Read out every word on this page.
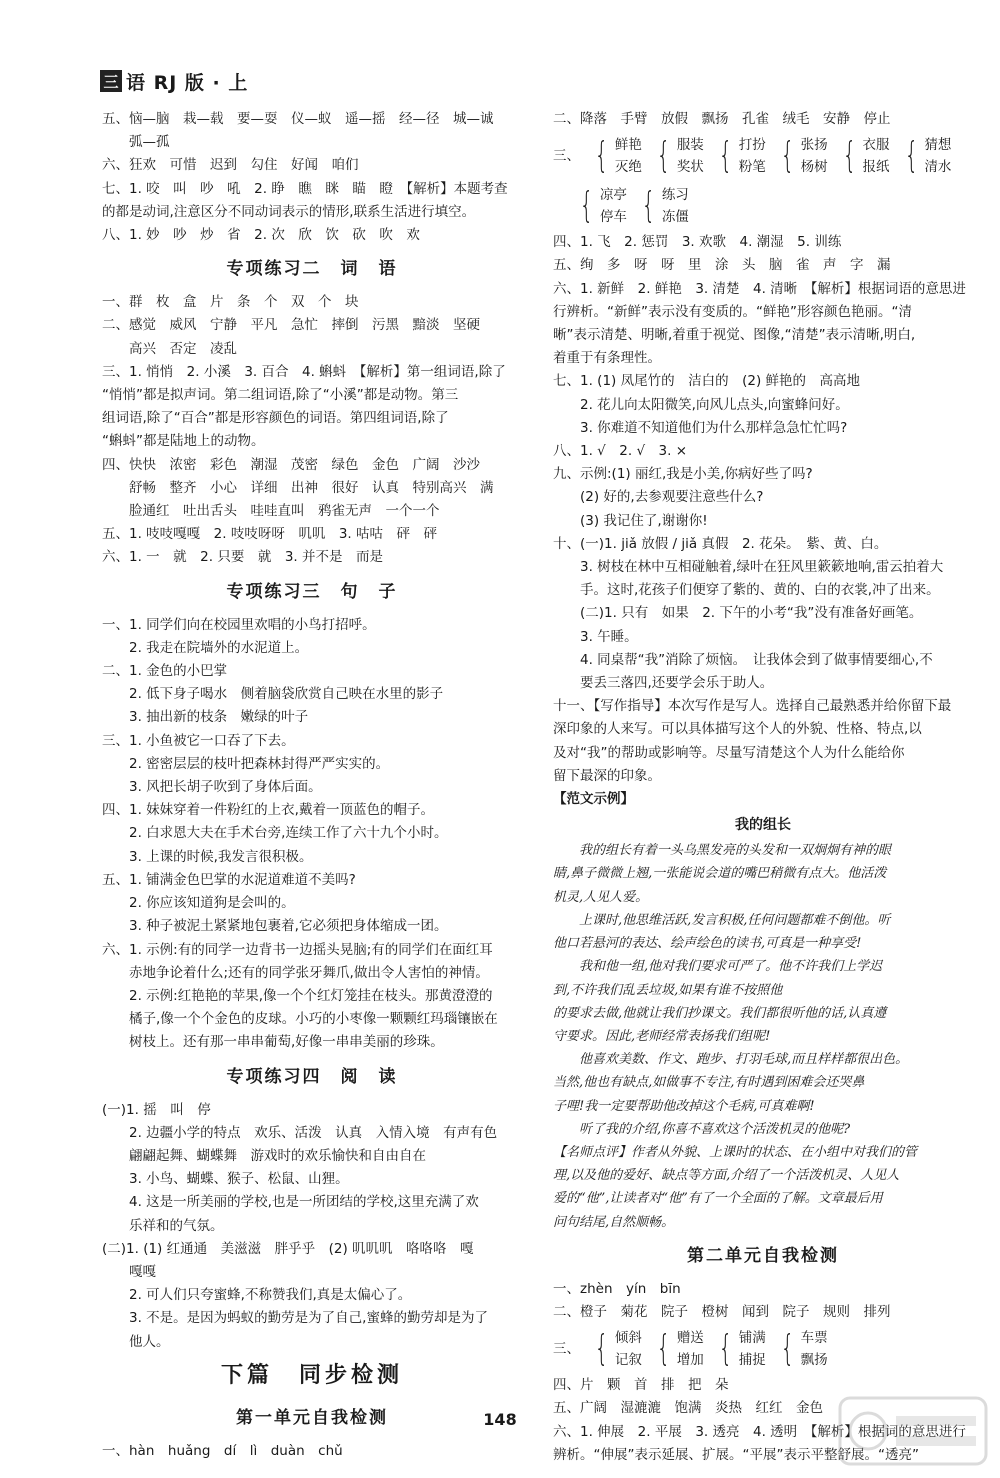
三 语 RJ 版 · 上
五、恼—脑　栽—载　要—耍　仪—蚁　遥—摇　经—径　城—诚
　　弧—孤
六、狂欢　可惜　迟到　勾住　好闻　咱们
七、1. 咬　叫　吵　吼　2. 睁　瞧　眯　瞄　瞪　【解析】本题考查
的都是动词,注意区分不同动词表示的情形,联系生活进行填空。
八、1. 妙　吵　炒　省　2. 次　欣　饮　砍　吹　欢
专项练习二　词　语
一、群　枚　盒　片　条　个　双　个　块
二、感觉　威风　宁静　平凡　急忙　摔倒　污黑　黯淡　坚硬
　　高兴　否定　凌乱
三、1. 悄悄　2. 小溪　3. 百合　4. 蝌蚪　【解析】第一组词语,除了
“悄悄”都是拟声词。第二组词语,除了“小溪”都是动物。第三
组词语,除了“百合”都是形容颜色的词语。第四组词语,除了
“蝌蚪”都是陆地上的动物。
四、快快　浓密　彩色　潮湿　茂密　绿色　金色　广阔　沙沙
　　舒畅　整齐　小心　详细　出神　很好　认真　特别高兴　满
　　脸通红　吐出舌头　哇哇直叫　鸦雀无声　一个一个
五、1. 吱吱嘎嘎　2. 吱吱呀呀　叽叽　3. 咕咕　砰　砰
六、1. 一　就　2. 只要　就　3. 并不是　而是
专项练习三　句　子
一、1. 同学们向在校园里欢唱的小鸟打招呼。
　　2. 我走在院墙外的水泥道上。
二、1. 金色的小巴掌
　　2. 低下身子喝水　侧着脑袋欣赏自己映在水里的影子
　　3. 抽出新的枝条　嫩绿的叶子
三、1. 小鱼被它一口吞了下去。
　　2. 密密层层的枝叶把森林封得严严实实的。
　　3. 风把长胡子吹到了身体后面。
四、1. 妹妹穿着一件粉红的上衣,戴着一顶蓝色的帽子。
　　2. 白求恩大夫在手术台旁,连续工作了六十九个小时。
　　3. 上课的时候,我发言很积极。
五、1. 铺满金色巴掌的水泥道难道不美吗?
　　2. 你应该知道狗是会叫的。
　　3. 种子被泥土紧紧地包裹着,它必须把身体缩成一团。
六、1. 示例:有的同学一边背书一边摇头晃脑;有的同学们在面红耳
　　赤地争论着什么;还有的同学张牙舞爪,做出令人害怕的神情。
　　2. 示例:红艳艳的苹果,像一个个红灯笼挂在枝头。那黄澄澄的
　　橘子,像一个个金色的皮球。小巧的小枣像一颗颗红玛瑙镶嵌在
　　树枝上。还有那一串串葡萄,好像一串串美丽的珍珠。
专项练习四　阅　读
(一)1. 摇　叫　停
　　2. 边疆小学的特点　欢乐、活泼　认真　入情入境　有声有色
　　翩翩起舞、蝴蝶舞　游戏时的欢乐愉快和自由自在
　　3. 小鸟、蝴蝶、猴子、松鼠、山狸。
　　4. 这是一所美丽的学校,也是一所团结的学校,这里充满了欢
　　乐祥和的气氛。
(二)1. (1) 红通通　美滋滋　胖乎乎　(2) 叽叽叽　咯咯咯　嘎
　　嘎嘎
　　2. 可人们只夸蜜蜂,不称赞我们,真是太偏心了。
　　3. 不是。是因为蚂蚁的勤劳是为了自己,蜜蜂的勤劳却是为了
　　他人。
下篇　同步检测
第一单元自我检测
一、hàn　huǎng　dí　lì　duàn　chǔ
二、降落　手臂　放假　飘扬　孔雀　绒毛　安静　停止
三、 { 鲜艳
灭绝 { 服装
奖状 { 打扮
粉笔 { 张扬
杨树 { 衣服
报纸 { 猜想
清水
{ 凉亭
停车 { 练习
冻僵
四、1. 飞　2. 惩罚　3. 欢歌　4. 潮湿　5. 训练
五、绚　多　呀　呀　里　涂　头　脑　雀　声　字　漏
六、1. 新鲜　2. 鲜艳　3. 清楚　4. 清晰　【解析】根据词语的意思进
行辨析。“新鲜”表示没有变质的。“鲜艳”形容颜色艳丽。“清
晰”表示清楚、明晰,着重于视觉、图像,“清楚”表示清晰,明白,
着重于有条理性。
七、1. (1) 凤尾竹的　洁白的　(2) 鲜艳的　高高地
　　2. 花儿向太阳微笑,向风儿点头,向蜜蜂问好。
　　3. 你难道不知道他们为什么那样急急忙忙吗?
八、1. √　2. √　3. ×
九、示例:(1) 丽红,我是小美,你病好些了吗?
　　(2) 好的,去参观要注意些什么?
　　(3) 我记住了,谢谢你!
十、(一)1. jiǎ 放假 / jiǎ 真假　2. 花朵。　紫、黄、白。
　　3. 树枝在林中互相碰触着,绿叶在狂风里簌簌地响,雷云拍着大
　　手。这时,花孩子们便穿了紫的、黄的、白的衣裳,冲了出来。
　　(二)1. 只有　如果　2. 下午的小考“我”没有准备好画笔。
　　3. 午睡。
　　4. 同桌帮“我”消除了烦恼。　让我体会到了做事情要细心,不
　　要丢三落四,还要学会乐于助人。
十一、【写作指导】本次写作是写人。选择自己最熟悉并给你留下最
深印象的人来写。可以具体描写这个人的外貌、性格、特点,以
及对“我”的帮助或影响等。尽量写清楚这个人为什么能给你
留下最深的印象。
【范文示例】
我的组长
　　我的组长有着一头乌黑发亮的头发和一双炯炯有神的眼
睛,鼻子微微上翘,一张能说会道的嘴巴稍微有点大。他活泼
机灵,人见人爱。
　　上课时,他思维活跃,发言积极,任何问题都难不倒他。听
他口若悬河的表达、绘声绘色的读书,可真是一种享受!
　　我和他一组,他对我们要求可严了。他不许我们上学迟
到,不许我们乱丢垃圾,如果有谁不按照他
的要求去做,他就让我们抄课文。我们都很听他的话,认真遵
守要求。因此,老师经常表扬我们组呢!
　　他喜欢美数、作文、跑步、打羽毛球,而且样样都很出色。
当然,他也有缺点,如做事不专注,有时遇到困难会还哭鼻
子哩!我一定要帮助他改掉这个毛病,可真难啊!
　　听了我的介绍,你喜不喜欢这个活泼机灵的他呢?
【名师点评】作者从外貌、上课时的状态、在小组中对我们的管
理,以及他的爱好、缺点等方面,介绍了一个活泼机灵、人见人
爱的“他”,让读者对“他”有了一个全面的了解。文章最后用
问句结尾,自然顺畅。
第二单元自我检测
一、zhèn　yín　bīn
二、橙子　菊花　院子　橙树　闻到　院子　规则　排列
三、 { 倾斜
记叙 { 赠送
增加 { 铺满
捕捉 { 车票
飘扬
四、片　颗　首　排　把　朵
五、广阔　湿漉漉　饱满　炎热　红红　金色
六、1. 伸展　2. 平展　3. 透亮　4. 透明　【解析】根据词的意思进行
辨析。“伸展”表示延展、扩展。“平展”表示平整舒展。“透亮”
148
